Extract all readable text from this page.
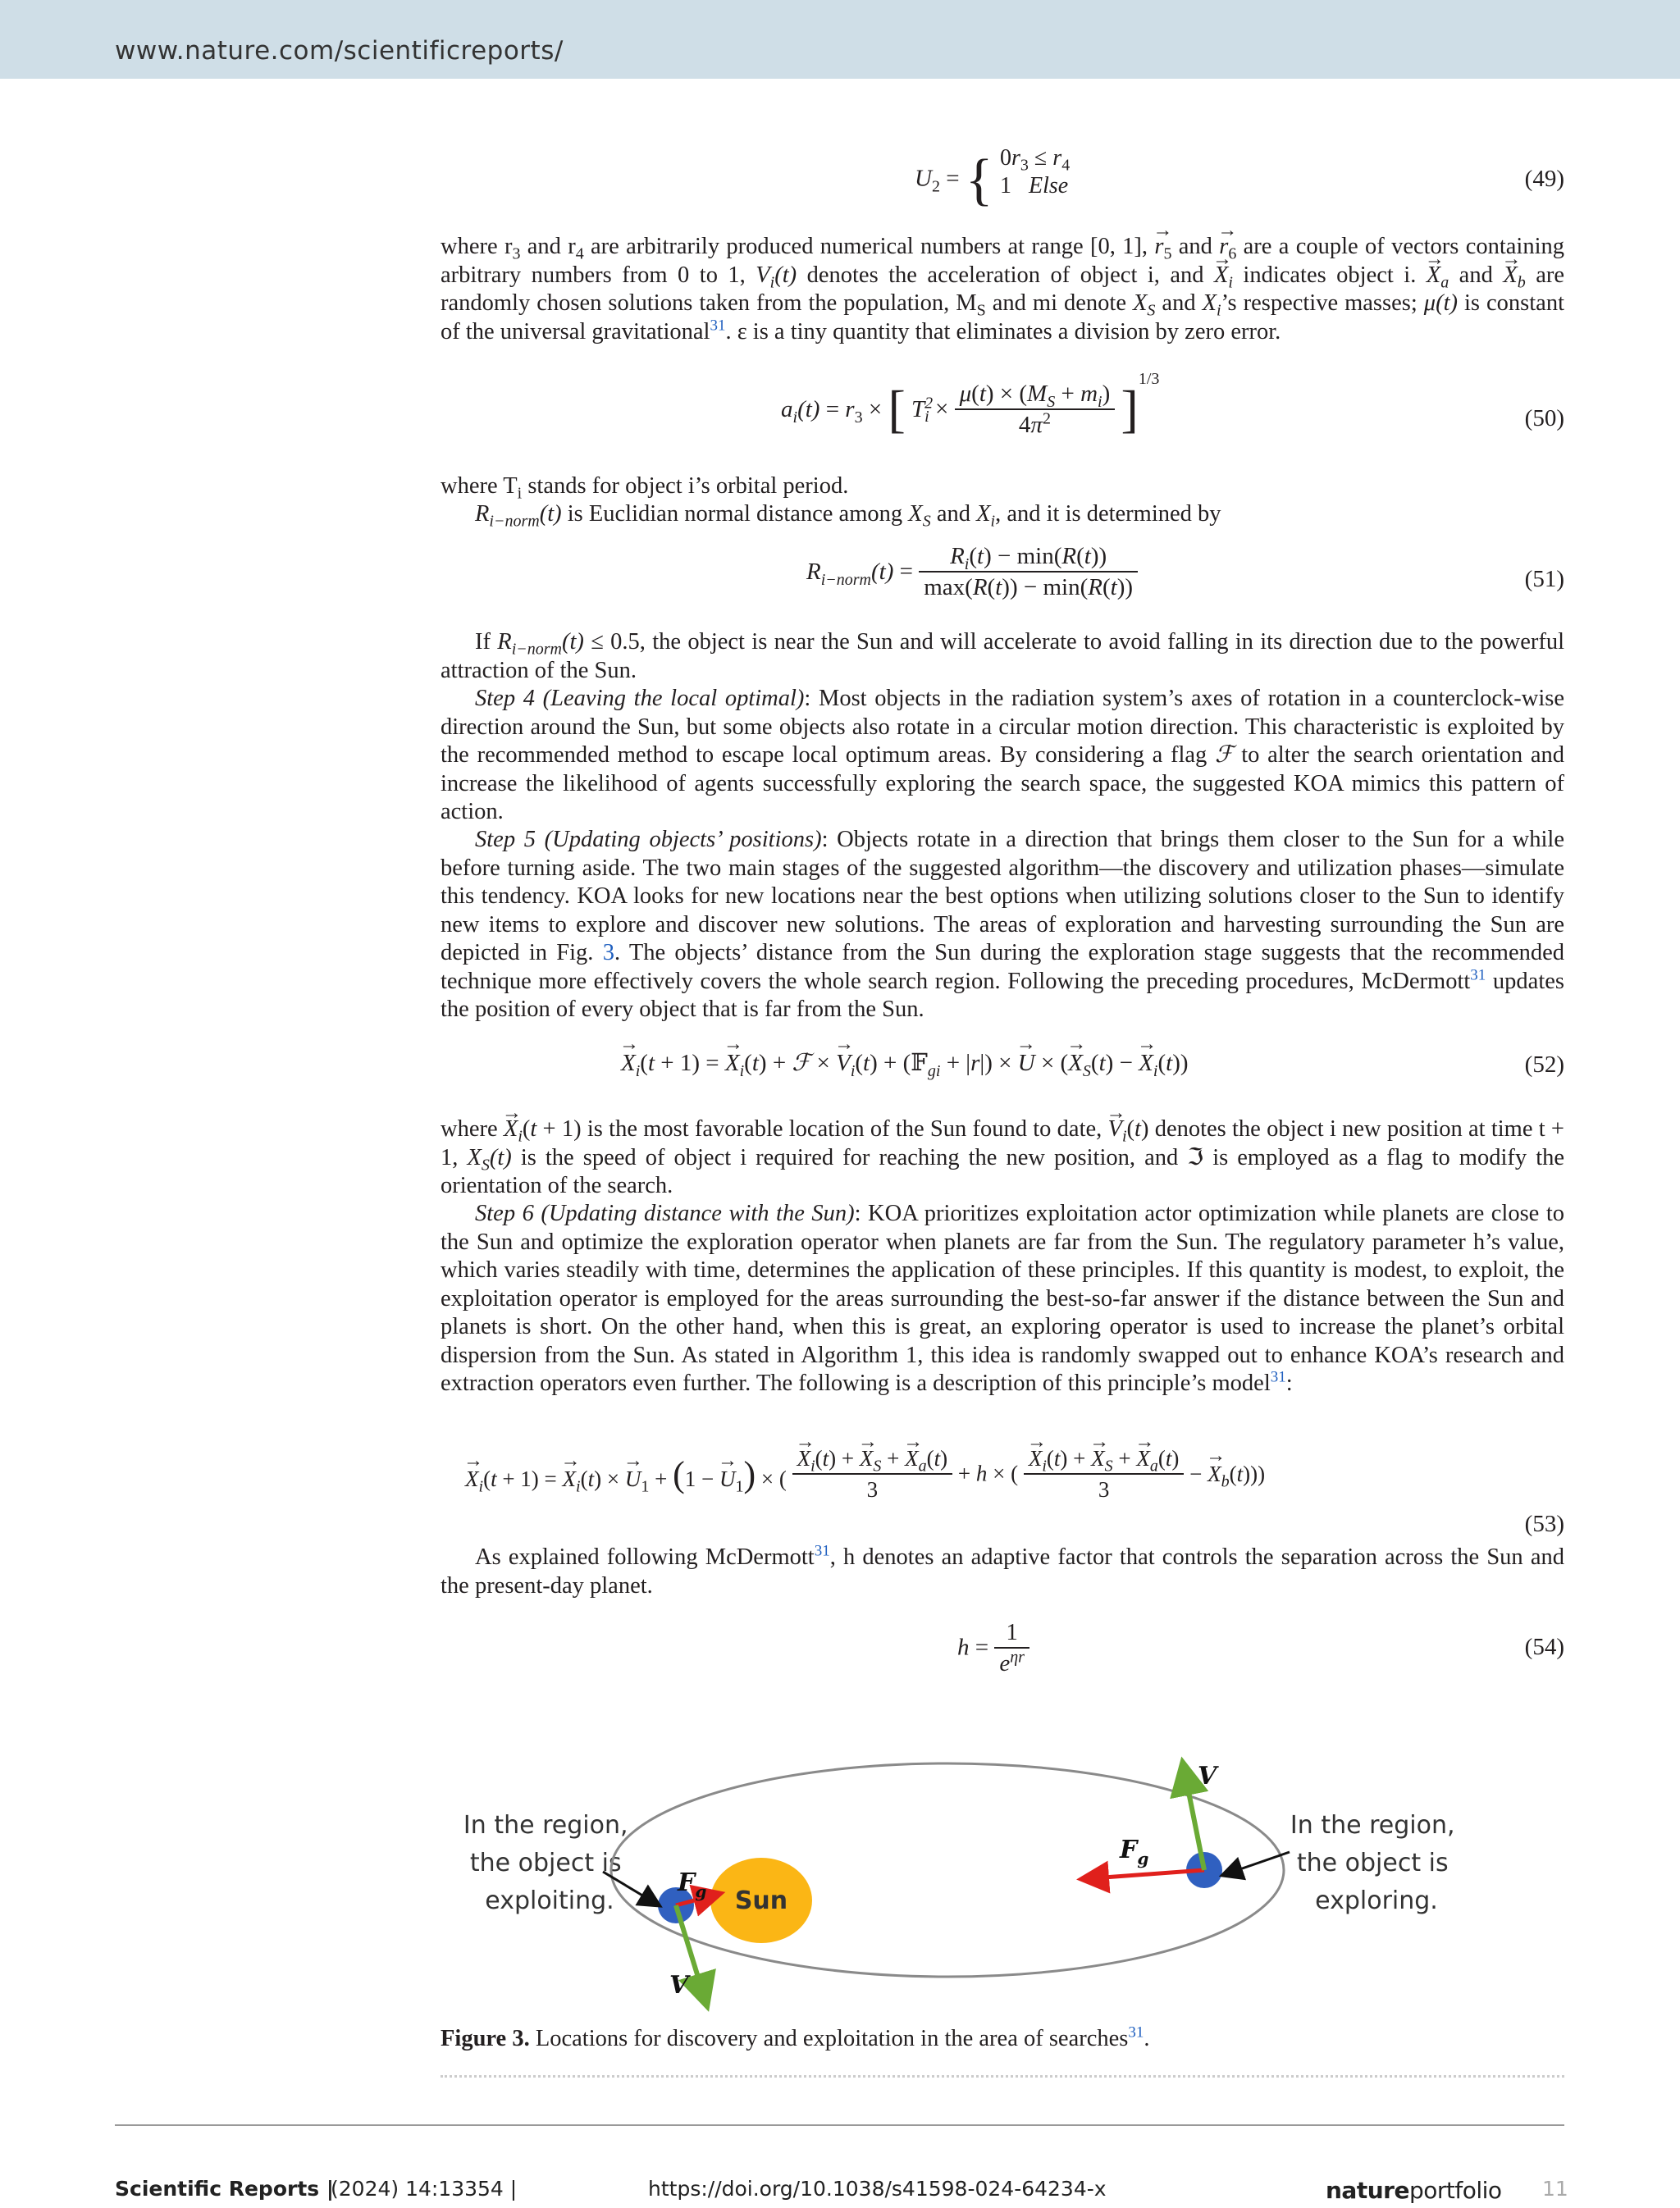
www.nature.com/scientificreports/
$U_2$ = { $0r_3 \le r_4$
1   Else	(49)
where $r_3$ and $r_4$ are arbitrarily produced numerical numbers at range [0, 1], → $r_5$ and → $r_6$ are a couple of vectors containing arbitrary numbers from 0 to 1, $V_i(t)$ denotes the acceleration of object i, and → $X_i$ indicates object i. → $X_a$ and → $X_b$ are randomly chosen solutions taken from the population, $M_S$ and mi denote $X_S$ and $X_i’s$ respective masses; μ(t) is constant of the universal gravitational$^{31}$. ε is a tiny quantity that eliminates a division by zero error.
$a_i(t) = r_3$ × [ $T^2_i \times \frac{\mu(t) \times (M_S + m_i)}{4\pi^2} ]^{1/3}$
(50)
where $T_i$ stands for object i’s orbital period.
$R_{i-norm}(t)$ is Euclidian normal distance among $X_S$ and $X_i$, and it is determined by
$R_{i-norm}(t) = \frac{R_i(t) - \min(R(t))}{\max(R(t)) - \min(R(t))}$	(51)
If $R_{i-norm}(t) \le 0.5$, the object is near the Sun and will accelerate to avoid falling in its direction due to the powerful attraction of the Sun.
Step 4 (Leaving the local optimal): Most objects in the radiation system’s axes of rotation in a counterclock-wise direction around the Sun, but some objects also rotate in a circular motion direction. This characteristic is exploited by the recommended method to escape local optimum areas. By considering a flag ℱ to alter the search orientation and increase the likelihood of agents successfully exploring the search space, the suggested KOA mimics this pattern of action.
Step 5 (Updating objects’ positions): Objects rotate in a direction that brings them closer to the Sun for a while before turning aside. The two main stages of the suggested algorithm—the discovery and utilization phases—simulate this tendency. KOA looks for new locations near the best options when utilizing solutions closer to the Sun to identify new items to explore and discover new solutions. The areas of exploration and harvesting surrounding the Sun are depicted in Fig. 3. The objects’ distance from the Sun during the exploration stage suggests that the recommended technique more effectively covers the whole search region. Following the preceding procedures, McDermott$^{31}$ updates the position of every object that is far from the Sun.
→ $X_i(t + 1)$ = → $X_i(t)$ + ℱ × → $V_i(t)$ + (𝔽$_{gi}$ + |r|) × → U × (→ $X_S(t)$ − → $X_i(t)$)	(52)
where → $X_i(t + 1)$ is the most favorable location of the Sun found to date, → $V_i(t)$ denotes the object i new position at time t + 1, $X_S(t)$ is the speed of object i required for reaching the new position, and ℑ is employed as a flag to modify the orientation of the search.
Step 6 (Updating distance with the Sun): KOA prioritizes exploitation actor optimization while planets are close to the Sun and optimize the exploration operator when planets are far from the Sun. The regulatory parameter h’s value, which varies steadily with time, determines the application of these principles. If this quantity is modest, to exploit, the exploitation operator is employed for the areas surrounding the best-so-far answer if the distance between the Sun and planets is short. On the other hand, when this is great, an exploring operator is used to increase the planet’s orbital dispersion from the Sun. As stated in Algorithm 1, this idea is randomly swapped out to enhance KOA’s research and extraction operators even further. The following is a description of this principle’s model$^{31}$:
→ $X_i(t + 1)$ = → $X_i(t)$ × → $U_1 + (1$ − → $U_1$) × ( → $\frac{X_i(t) + \to X_S + \to X_a(t)}{3} + h$ × ( → $\frac{X_i(t) + \to X_S + \to X_a(t)}{3}$ − → $X_b(t)$))
(53)
As explained following McDermott$^{31}$, h denotes an adaptive factor that controls the separation across the Sun and the present-day planet.
$h = \frac{1}{e^{\eta r}}$	(54)
Figure 3. Locations for discovery and exploitation in the area of searches$^{31}$.
In the region, the object is exploiting.
In the region, the object is exploring.
Sun
$F_g$
V
$F_g$
V
Scientific Reports |
(2024) 14:13354 |	https://doi.org/10.1038/s41598-024-64234-x	natureportfolio 11
